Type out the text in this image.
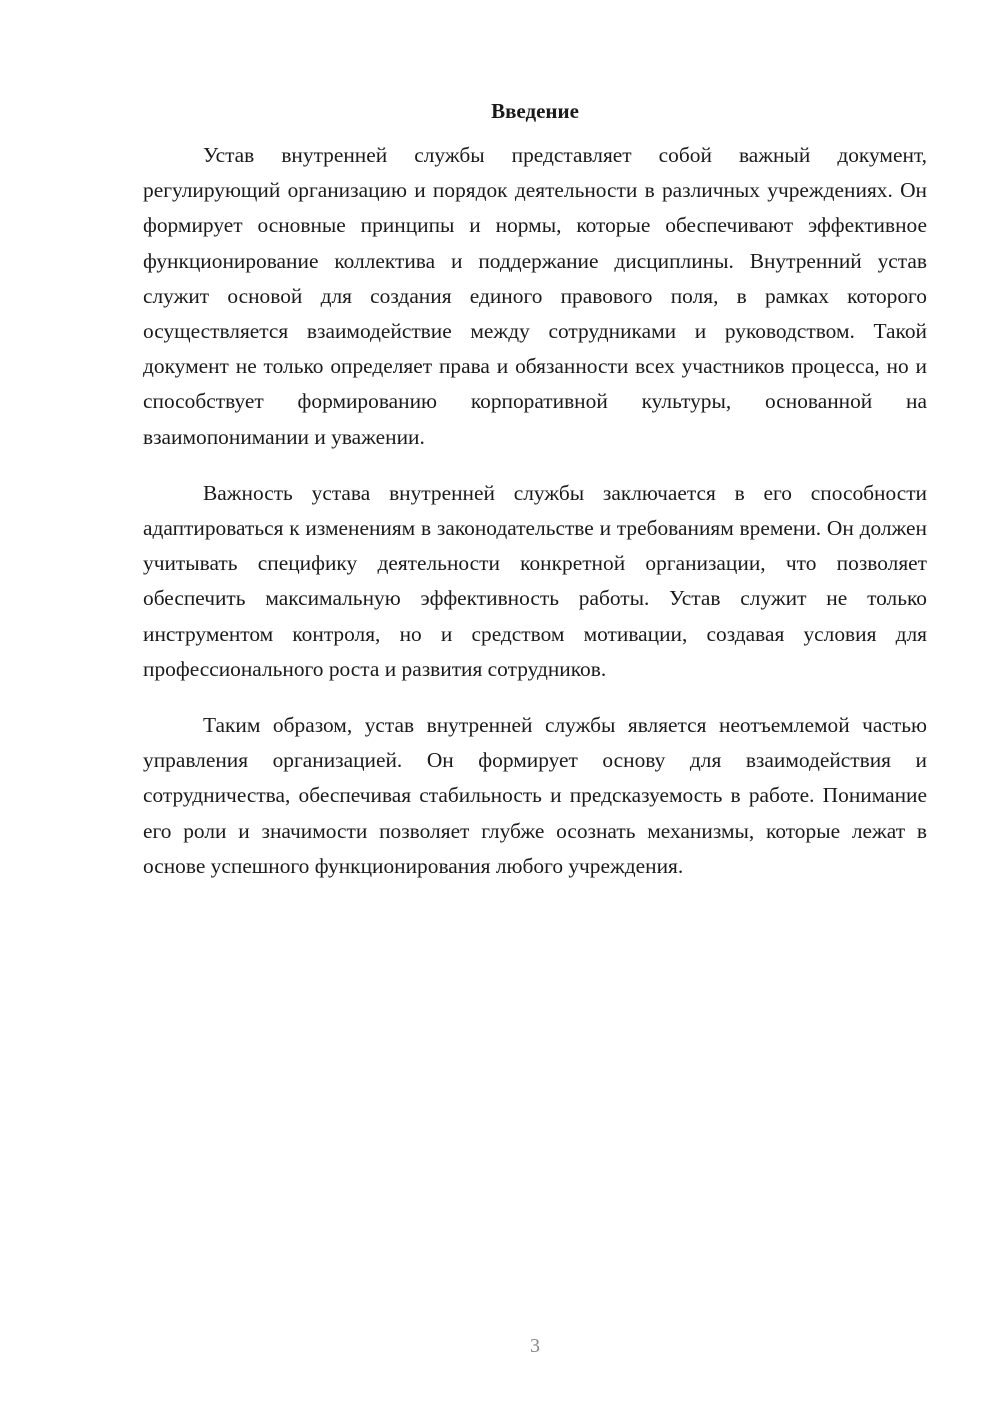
Введение

Устав внутренней службы представляет собой важный документ, регулирующий организацию и порядок деятельности в различных учреждениях. Он формирует основные принципы и нормы, которые обеспечивают эффективное функционирование коллектива и поддержание дисциплины. Внутренний устав служит основой для создания единого правового поля, в рамках которого осуществляется взаимодействие между сотрудниками и руководством. Такой документ не только определяет права и обязанности всех участников процесса, но и способствует формированию корпоративной культуры, основанной на взаимопонимании и уважении.

Важность устава внутренней службы заключается в его способности адаптироваться к изменениям в законодательстве и требованиям времени. Он должен учитывать специфику деятельности конкретной организации, что позволяет обеспечить максимальную эффективность работы. Устав служит не только инструментом контроля, но и средством мотивации, создавая условия для профессионального роста и развития сотрудников.

Таким образом, устав внутренней службы является неотъемлемой частью управления организацией. Он формирует основу для взаимодействия и сотрудничества, обеспечивая стабильность и предсказуемость в работе. Понимание его роли и значимости позволяет глубже осознать механизмы, которые лежат в основе успешного функционирования любого учреждения.

3
